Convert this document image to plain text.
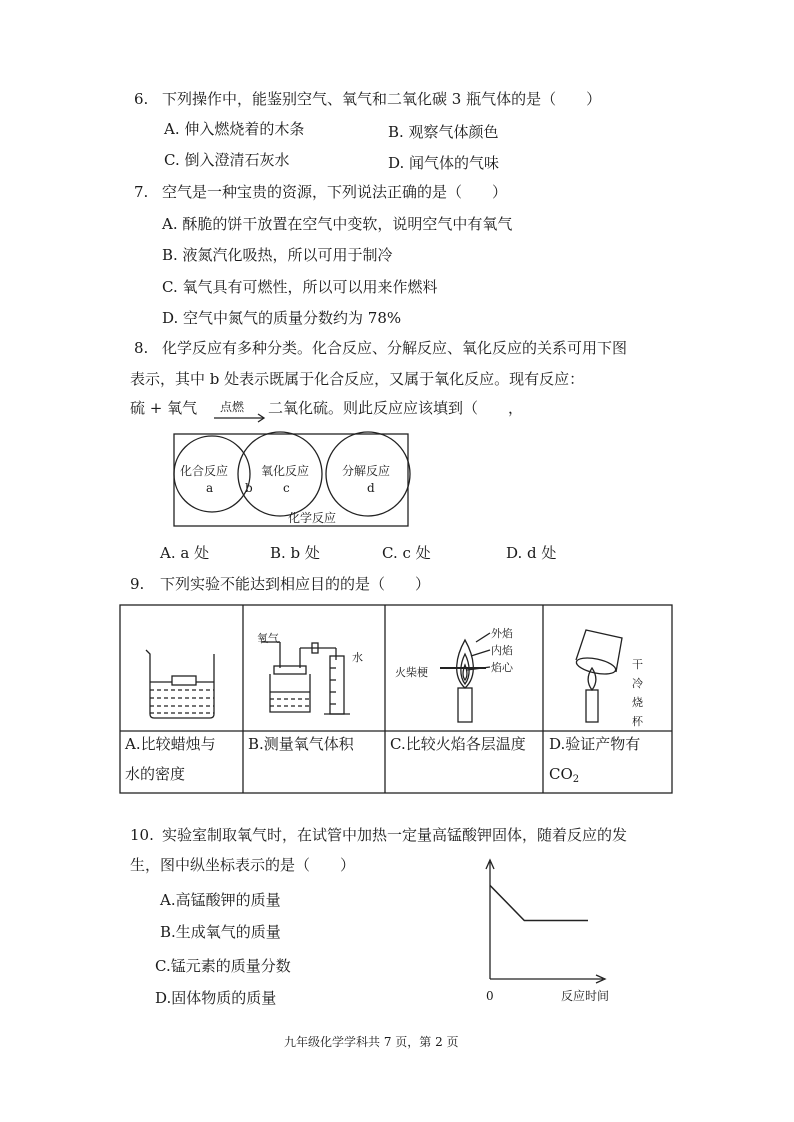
6. 下列操作中，能鉴别空气、氧气和二氧化碳 3 瓶气体的是（　　）
A. 伸入燃烧着的木条	B. 观察气体颜色
C. 倒入澄清石灰水	D. 闻气体的气味
7. 空气是一种宝贵的资源，下列说法正确的是（　　）
A. 酥脆的饼干放置在空气中变软，说明空气中有氧气
B. 液氮汽化吸热，所以可用于制冷
C. 氧气具有可燃性，所以可以用来作燃料
D. 空气中氮气的质量分数约为 78%
8. 化学反应有多种分类。化合反应、分解反应、氧化反应的关系可用下图
表示，其中 b 处表示既属于化合反应，又属于氧化反应。现有反应：
硫 + 氧气 点燃 二氧化硫。则此反应应该填到（　　，
化合反应
a	b
氧化反应
c
分解反应
d
化学反应
A. a 处	B. b 处	C. c 处	D. d 处
9. 下列实验不能达到相应目的的是（　　）
氧气
水
外焰
内焰
焰心
火柴梗
干冷烧杯
A.比较蜡烛与
水的密度
B.测量氧气体积 C.比较火焰各层温度 D.验证产物有
$CO_2$
10. 实验室制取氧气时，在试管中加热一定量高锰酸钾固体，随着反应的发
生，图中纵坐标表示的是（　　）
A.高锰酸钾的质量
B.生成氧气的质量
C.锰元素的质量分数
D.固体物质的质量	0	反应时间
九年级化学学科共 7 页，第 2 页
